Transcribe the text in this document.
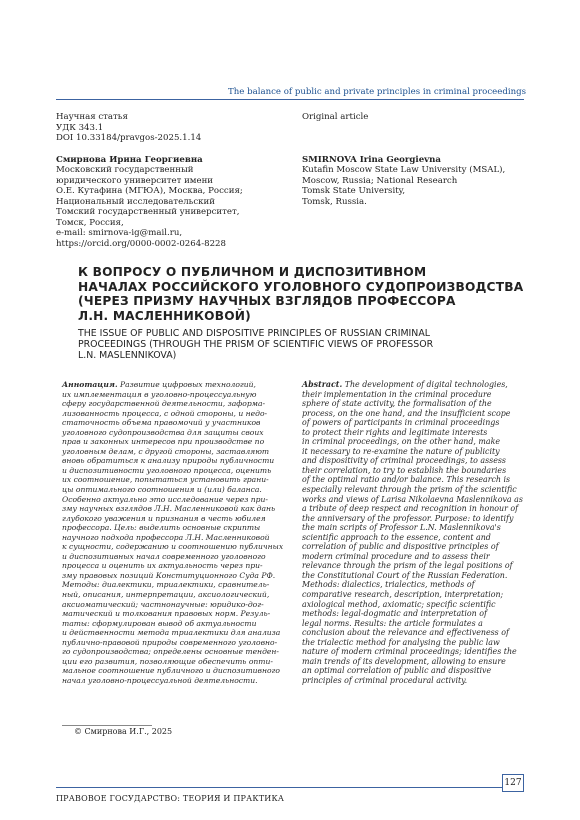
The balance of public and private principles in criminal proceedings
Научная статья
УДК 343.1
DOI 10.33184/pravgos-2025.1.14
Смирнова Ирина Георгиевна
Московский государственный
юридического университет имени
О.Е. Кутафина (МГЮА), Москва, Россия;
Национальный исследовательский
Томский государственный университет,
Томск, Россия,
e-mail: smirnova-ig@mail.ru,
https://orcid.org/0000-0002-0264-8228
Original article
SMIRNOVA Irina Georgievna
Kutafin Moscow State Law University (MSAL),
Moscow, Russia; National Research
Tomsk State University,
Tomsk, Russia.
К ВОПРОСУ О ПУБЛИЧНОМ И ДИСПОЗИТИВНОМ
НАЧАЛАХ РОССИЙСКОГО УГОЛОВНОГО СУДОПРОИЗВОДСТВА
(ЧЕРЕЗ ПРИЗМУ НАУЧНЫХ ВЗГЛЯДОВ ПРОФЕССОРА
Л.Н. МАСЛЕННИКОВОЙ)
THE ISSUE OF PUBLIC AND DISPOSITIVE PRINCIPLES OF RUSSIAN CRIMINAL
PROCEEDINGS (THROUGH THE PRISM OF SCIENTIFIC VIEWS OF PROFESSOR
L.N. MASLENNIKOVA)
Аннотация. Развитие цифровых технологий,
их имплементация в уголовно-процессуальную
сферу государственной деятельности, заформа-
лизованность процесса, с одной стороны, и недо-
статочность объема правомочий у участников
уголовного судопроизводства для защиты своих
прав и законных интересов при производстве по
уголовным делам, с другой стороны, заставляют
вновь обратиться к анализу природы публичности
и диспозитивности уголовного процесса, оценить
их соотношение, попытаться установить грани-
цы оптимального соотношения и (или) баланса.
Особенно актуально это исследование через при-
зму научных взглядов Л.Н. Масленниковой как дань
глубокого уважения и признания в честь юбилея
профессора. Цель: выделить основные скрипты
научного подхода профессора Л.Н. Масленниковой
к сущности, содержанию и соотношению публичных
и диспозитивных начал современного уголовного
процесса и оценить их актуальность через при-
зму правовых позиций Конституционного Суда РФ.
Методы: диалектики, триалектики, сравнитель-
ный, описания, интерпретации, аксиологический,
аксиоматический; частнонаучные: юридико-дог-
матический и толкования правовых норм. Резуль-
таты: сформулирован вывод об актуальности
и действенности метода триалектики для анализа
публично-правовой природы современного уголовно-
го судопроизводства; определены основные тенден-
ции его развития, позволяющие обеспечить опти-
мальное соотношение публичного и диспозитивного
начал уголовно-процессуальной деятельности.
Abstract. The development of digital technologies,
their implementation in the criminal procedure
sphere of state activity, the formalisation of the
process, on the one hand, and the insufficient scope
of powers of participants in criminal proceedings
to protect their rights and legitimate interests
in criminal proceedings, on the other hand, make
it necessary to re-examine the nature of publicity
and dispositivity of criminal proceedings, to assess
their correlation, to try to establish the boundaries
of the optimal ratio and/or balance. This research is
especially relevant through the prism of the scientific
works and views of Larisa Nikolaevna Maslennikova as
a tribute of deep respect and recognition in honour of
the anniversary of the professor. Purpose: to identify
the main scripts of Professor L.N. Maslennikova's
scientific approach to the essence, content and
correlation of public and dispositive principles of
modern criminal procedure and to assess their
relevance through the prism of the legal positions of
the Constitutional Court of the Russian Federation.
Methods: dialectics, trialectics, methods of
comparative research, description, interpretation;
axiological method, axiomatic; specific scientific
methods: legal-dogmatic and interpretation of
legal norms. Results: the article formulates a
conclusion about the relevance and effectiveness of
the trialectic method for analysing the public law
nature of modern criminal proceedings; identifies the
main trends of its development, allowing to ensure
an optimal correlation of public and dispositive
principles of criminal procedural activity.
© Смирнова И.Г., 2025
ПРАВОВОЕ ГОСУДАРСТВО: ТЕОРИЯ И ПРАКТИКА
127
